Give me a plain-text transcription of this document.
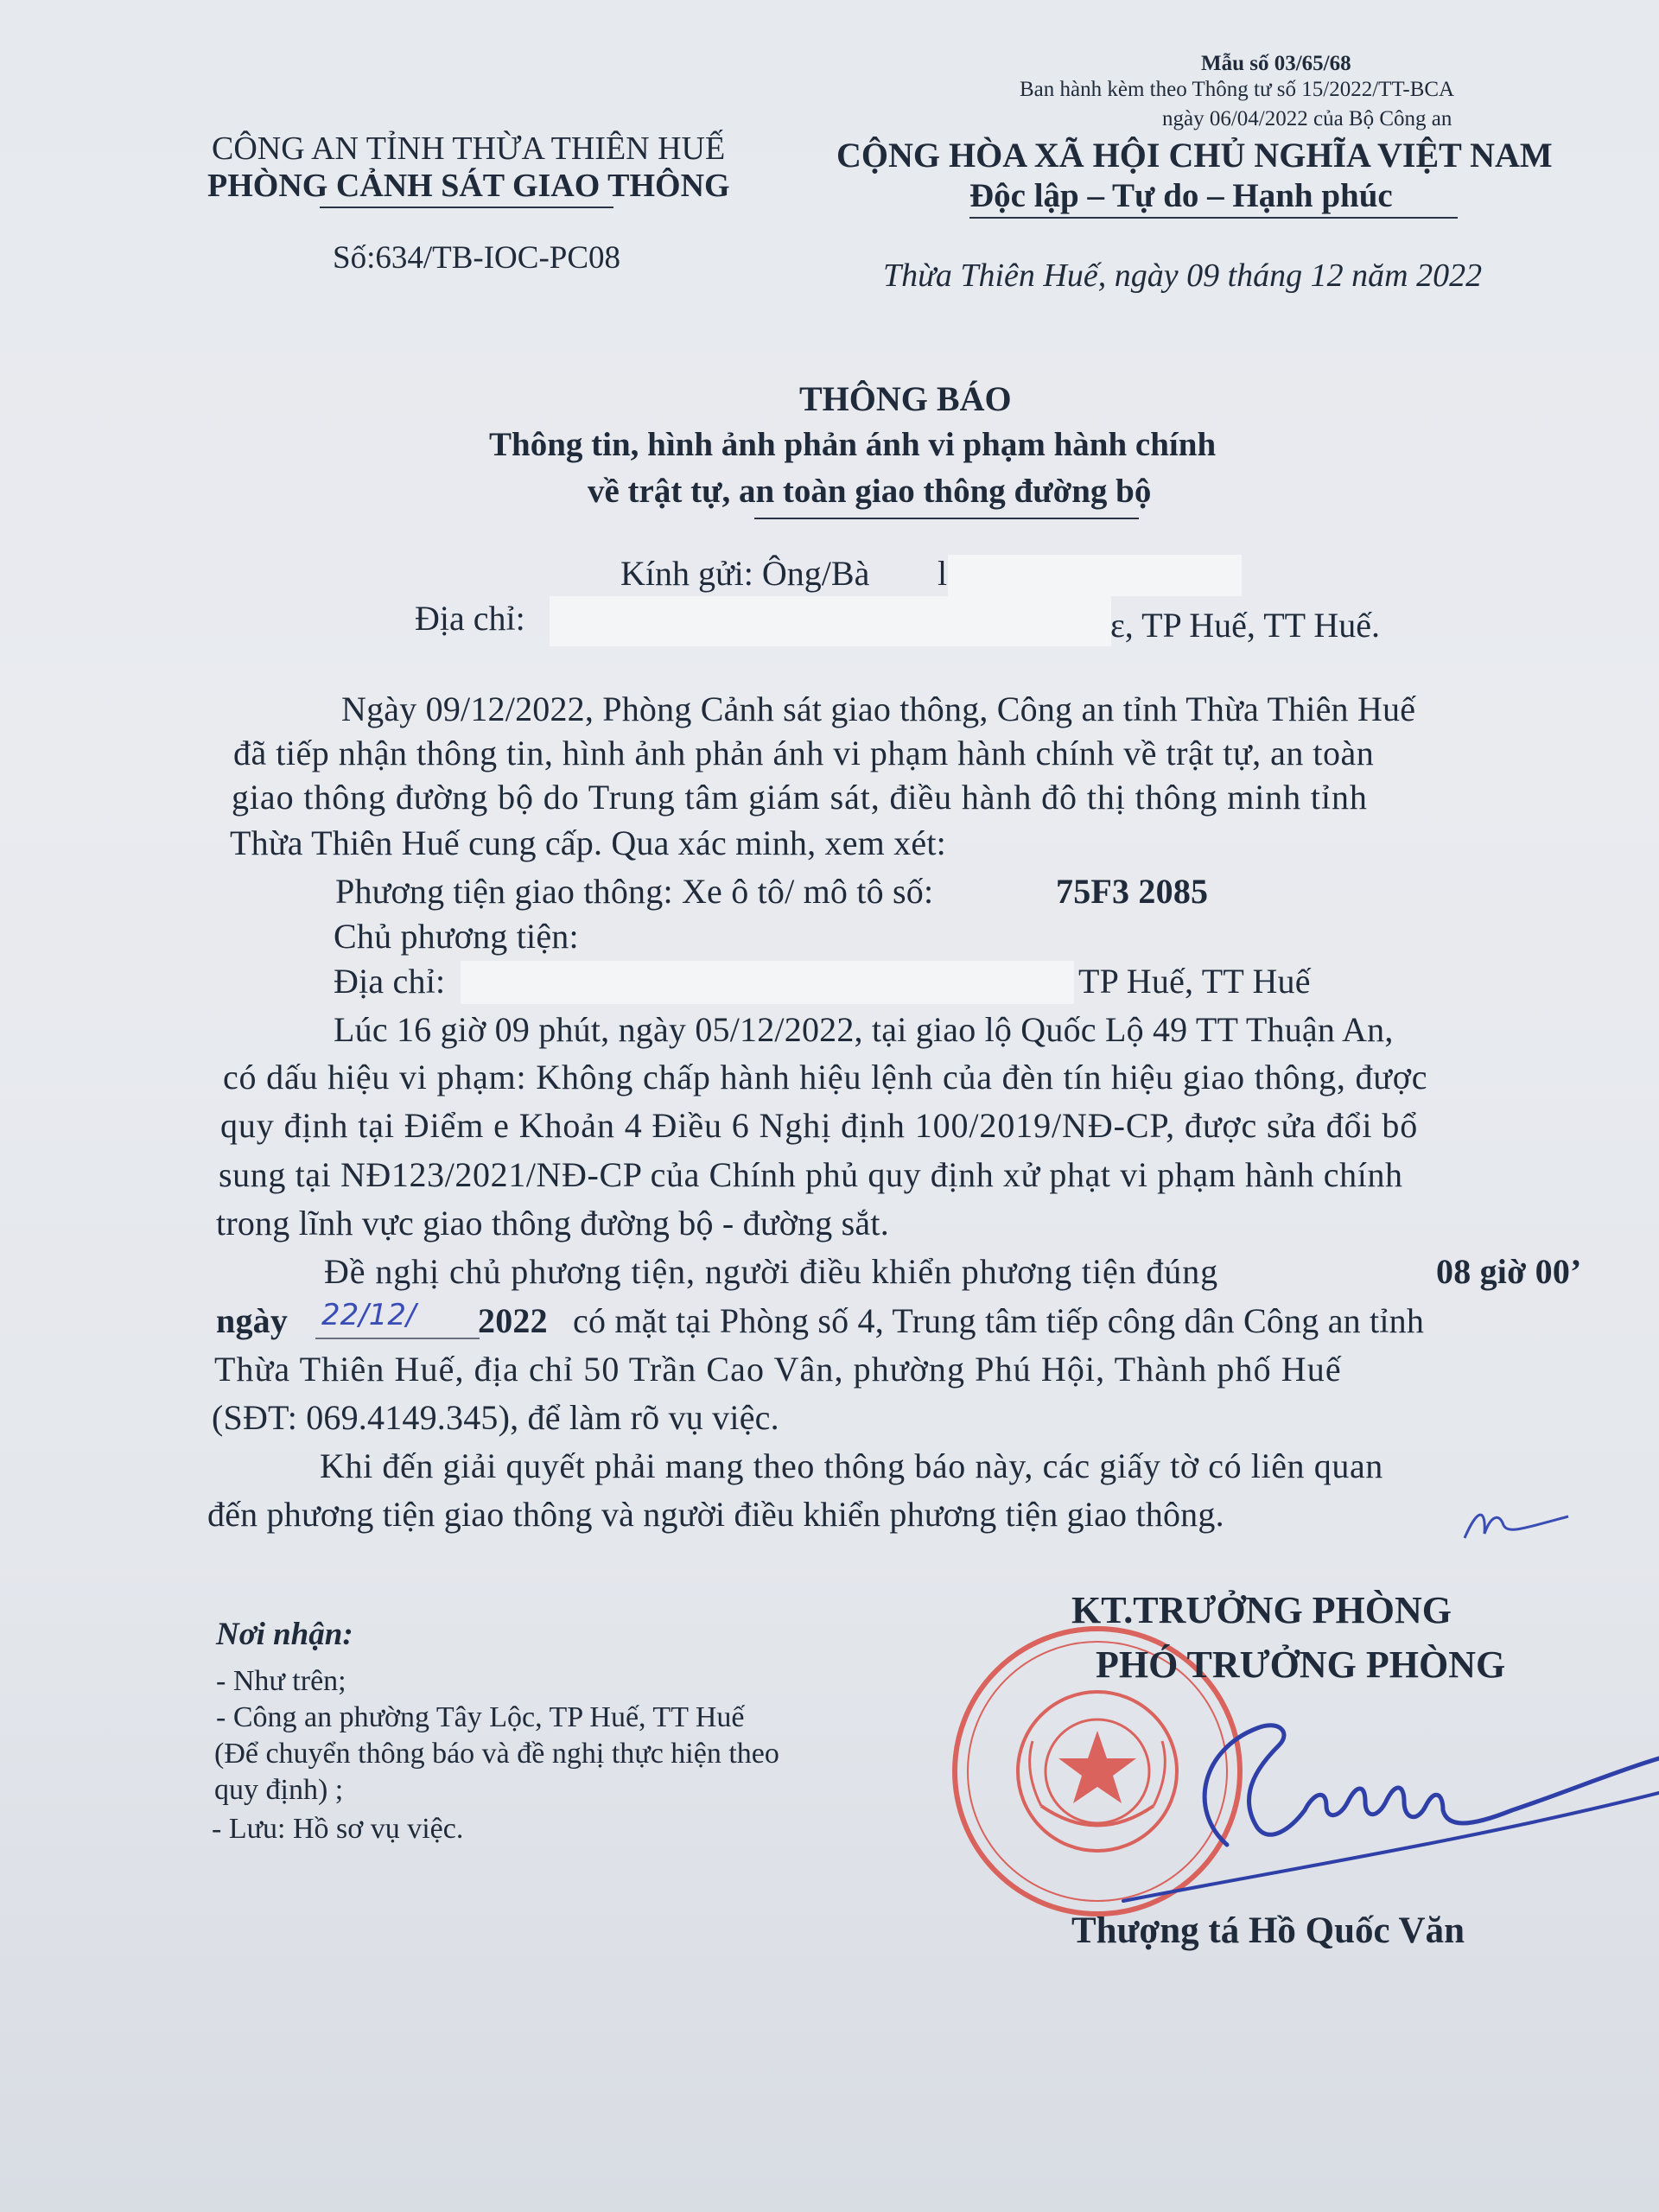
Mẫu số 03/65/68
Ban hành kèm theo Thông tư số 15/2022/TT-BCA
ngày 06/04/2022 của Bộ Công an
CÔNG AN TỈNH THỪA THIÊN HUẾ
PHÒNG CẢNH SÁT GIAO THÔNG
Số:634/TB-IOC-PC08
CỘNG HÒA XÃ HỘI CHỦ NGHĨA VIỆT NAM
Độc lập – Tự do – Hạnh phúc
Thừa Thiên Huế, ngày 09 tháng 12 năm 2022
THÔNG BÁO
Thông tin, hình ảnh phản ánh vi phạm hành chính
về trật tự, an toàn giao thông đường bộ
Kính gửi: Ông/Bà l
Địa chỉ:	ɛ, TP Huế, TT Huế.
Ngày 09/12/2022, Phòng Cảnh sát giao thông, Công an tỉnh Thừa Thiên Huế
đã tiếp nhận thông tin, hình ảnh phản ánh vi phạm hành chính về trật tự, an toàn
giao thông đường bộ do Trung tâm giám sát, điều hành đô thị thông minh tỉnh
Thừa Thiên Huế cung cấp. Qua xác minh, xem xét:
Phương tiện giao thông: Xe ô tô/ mô tô số:	75F3 2085
Chủ phương tiện:
Địa chỉ:	TP Huế, TT Huế
Lúc 16 giờ 09 phút, ngày 05/12/2022, tại giao lộ Quốc Lộ 49 TT Thuận An,
có dấu hiệu vi phạm: Không chấp hành hiệu lệnh của đèn tín hiệu giao thông, được
quy định tại Điểm e Khoản 4 Điều 6 Nghị định 100/2019/NĐ-CP, được sửa đổi bổ
sung tại NĐ123/2021/NĐ-CP của Chính phủ quy định xử phạt vi phạm hành chính
trong lĩnh vực giao thông đường bộ - đường sắt.
Đề nghị chủ phương tiện, người điều khiển phương tiện đúng	08 giờ 00’
ngày 22/12/ 2022 có mặt tại Phòng số 4, Trung tâm tiếp công dân Công an tỉnh
Thừa Thiên Huế, địa chỉ 50 Trần Cao Vân, phường Phú Hội, Thành phố Huế
(SĐT: 069.4149.345), để làm rõ vụ việc.
Khi đến giải quyết phải mang theo thông báo này, các giấy tờ có liên quan
đến phương tiện giao thông và người điều khiển phương tiện giao thông.
Nơi nhận:
- Như trên;
- Công an phường Tây Lộc, TP Huế, TT Huế
(Để chuyển thông báo và đề nghị thực hiện theo
quy định) ;
- Lưu: Hồ sơ vụ việc.
KT.TRƯỞNG PHÒNG
PHÓ TRƯỞNG PHÒNG
Thượng tá Hồ Quốc Văn
